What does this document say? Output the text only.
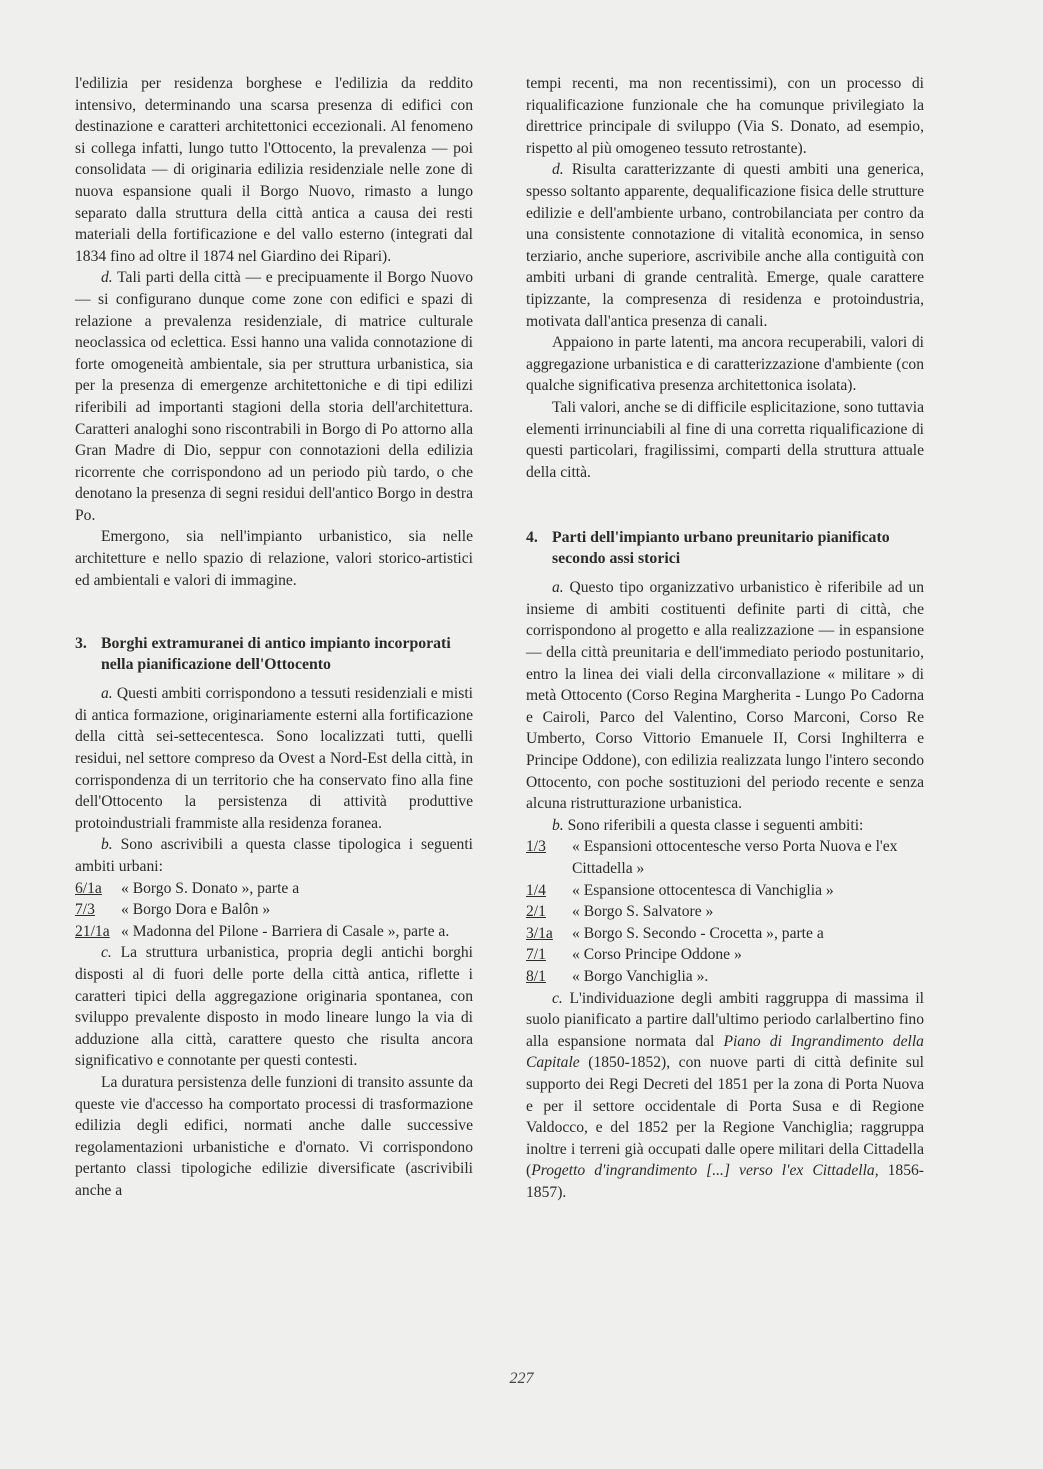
l'edilizia per residenza borghese e l'edilizia da reddito intensivo, determinando una scarsa presenza di edifici con destinazione e caratteri architettonici eccezionali. Al fenomeno si collega infatti, lungo tutto l'Ottocento, la prevalenza — poi consolidata — di originaria edilizia residenziale nelle zone di nuova espansione quali il Borgo Nuovo, rimasto a lungo separato dalla struttura della città antica a causa dei resti materiali della fortificazione e del vallo esterno (integrati dal 1834 fino ad oltre il 1874 nel Giardino dei Ripari).

d. Tali parti della città — e precipuamente il Borgo Nuovo — si configurano dunque come zone con edifici e spazi di relazione a prevalenza residenziale, di matrice culturale neoclassica od eclettica. Essi hanno una valida connotazione di forte omogeneità ambientale, sia per struttura urbanistica, sia per la presenza di emergenze architettoniche e di tipi edilizi riferibili ad importanti stagioni della storia dell'architettura. Caratteri analoghi sono riscontrabili in Borgo di Po attorno alla Gran Madre di Dio, seppur con connotazioni della edilizia ricorrente che corrispondono ad un periodo più tardo, o che denotano la presenza di segni residui dell'antico Borgo in destra Po.

Emergono, sia nell'impianto urbanistico, sia nelle architetture e nello spazio di relazione, valori storico-artistici ed ambientali e valori di immagine.

3. Borghi extramuranei di antico impianto incorporati nella pianificazione dell'Ottocento

a. Questi ambiti corrispondono a tessuti residenziali e misti di antica formazione, originariamente esterni alla fortificazione della città sei-settecentesca. Sono localizzati tutti, quelli residui, nel settore compreso da Ovest a Nord-Est della città, in corrispondenza di un territorio che ha conservato fino alla fine dell'Ottocento la persistenza di attività produttive protoindustriali frammiste alla residenza foranea.

b. Sono ascrivibili a questa classe tipologica i seguenti ambiti urbani:

6/1a	« Borgo S. Donato », parte a
7/3	« Borgo Dora e Balôn »
21/1a « Madonna del Pilone - Barriera di Casale », parte a.

c. La struttura urbanistica, propria degli antichi borghi disposti al di fuori delle porte della città antica, riflette i caratteri tipici della aggregazione originaria spontanea, con sviluppo prevalente disposto in modo lineare lungo la via di adduzione alla città, carattere questo che risulta ancora significativo e connotante per questi contesti.

La duratura persistenza delle funzioni di transito assunte da queste vie d'accesso ha comportato processi di trasformazione edilizia degli edifici, normati anche dalle successive regolamentazioni urbanistiche e d'ornato. Vi corrispondono pertanto classi tipologiche edilizie diversificate (ascrivibili anche a

tempi recenti, ma non recentissimi), con un processo di riqualificazione funzionale che ha comunque privilegiato la direttrice principale di sviluppo (Via S. Donato, ad esempio, rispetto al più omogeneo tessuto retrostante).

d. Risulta caratterizzante di questi ambiti una generica, spesso soltanto apparente, dequalificazione fisica delle strutture edilizie e dell'ambiente urbano, controbilanciata per contro da una consistente connotazione di vitalità economica, in senso terziario, anche superiore, ascrivibile anche alla contiguità con ambiti urbani di grande centralità. Emerge, quale carattere tipizzante, la compresenza di residenza e protoindustria, motivata dall'antica presenza di canali.

Appaiono in parte latenti, ma ancora recuperabili, valori di aggregazione urbanistica e di caratterizzazione d'ambiente (con qualche significativa presenza architettonica isolata).

Tali valori, anche se di difficile esplicitazione, sono tuttavia elementi irrinunciabili al fine di una corretta riqualificazione di questi particolari, fragilissimi, comparti della struttura attuale della città.

4. Parti dell'impianto urbano preunitario pianificato secondo assi storici

a. Questo tipo organizzativo urbanistico è riferibile ad un insieme di ambiti costituenti definite parti di città, che corrispondono al progetto e alla realizzazione — in espansione — della città preunitaria e dell'immediato periodo postunitario, entro la linea dei viali della circonvallazione « militare » di metà Ottocento (Corso Regina Margherita - Lungo Po Cadorna e Cairoli, Parco del Valentino, Corso Marconi, Corso Re Umberto, Corso Vittorio Emanuele II, Corsi Inghilterra e Principe Oddone), con edilizia realizzata lungo l'intero secondo Ottocento, con poche sostituzioni del periodo recente e senza alcuna ristrutturazione urbanistica.

b. Sono riferibili a questa classe i seguenti ambiti:

1/3	« Espansioni ottocentesche verso Porta Nuova e l'ex Cittadella »
1/4	« Espansione ottocentesca di Vanchiglia »
2/1	« Borgo S. Salvatore »
3/1a	« Borgo S. Secondo - Crocetta », parte a
7/1	« Corso Principe Oddone »
8/1	« Borgo Vanchiglia ».

c. L'individuazione degli ambiti raggruppa di massima il suolo pianificato a partire dall'ultimo periodo carlalbertino fino alla espansione normata dal Piano di Ingrandimento della Capitale (1850-1852), con nuove parti di città definite sul supporto dei Regi Decreti del 1851 per la zona di Porta Nuova e per il settore occidentale di Porta Susa e di Regione Valdocco, e del 1852 per la Regione Vanchiglia; raggruppa inoltre i terreni già occupati dalle opere militari della Cittadella (Progetto d'ingrandimento [...] verso l'ex Cittadella, 1856-1857).

227
